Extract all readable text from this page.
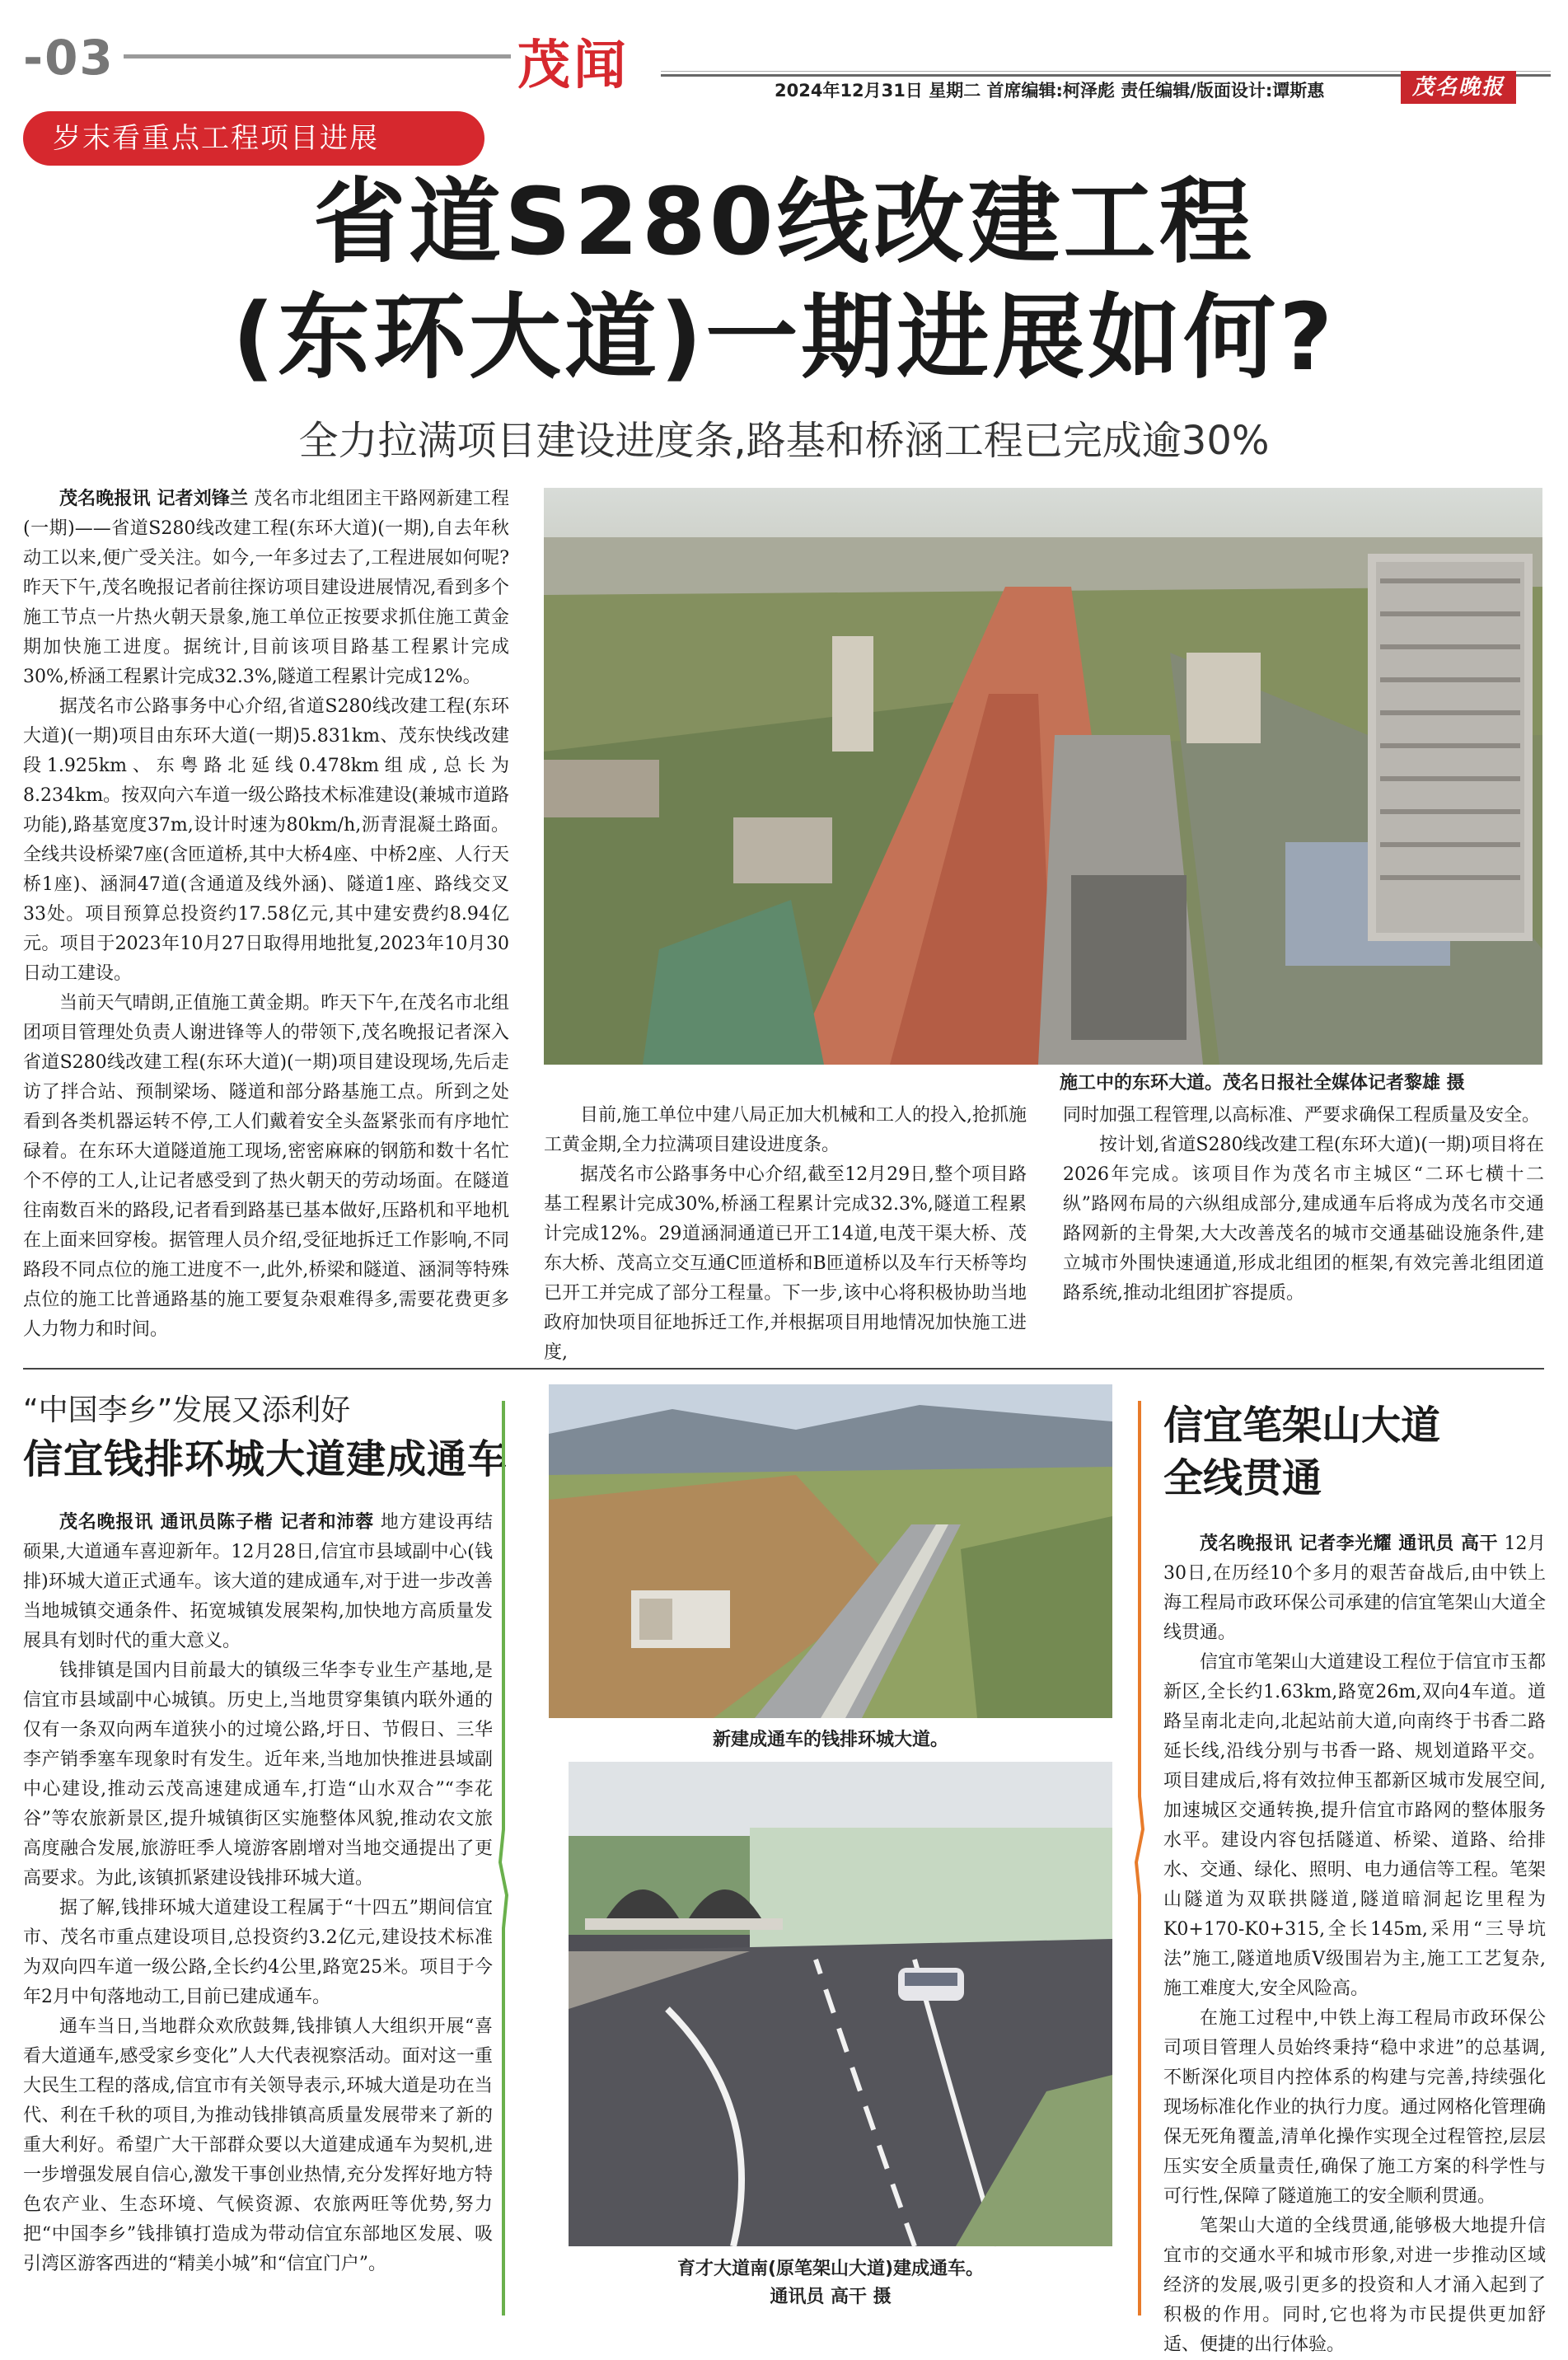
-03	茂闻	2024年12月31日 星期二 首席编辑:柯泽彪 责任编辑/版面设计:谭斯惠	茂名晚报
岁末看重点工程项目进展
省道S280线改建工程
(东环大道)一期进展如何?
全力拉满项目建设进度条,路基和桥涵工程已完成逾30%
茂名晚报讯 记者刘锋兰 茂名市北组团主干路网新建工程(一期)——省道S280线改建工程(东环大道)(一期),自去年秋动工以来,便广受关注。如今,一年多过去了,工程进展如何呢?昨天下午,茂名晚报记者前往探访项目建设进展情况,看到多个施工节点一片热火朝天景象,施工单位正按要求抓住施工黄金期加快施工进度。据统计,目前该项目路基工程累计完成30%,桥涵工程累计完成32.3%,隧道工程累计完成12%。
据茂名市公路事务中心介绍,省道S280线改建工程(东环大道)(一期)项目由东环大道(一期)5.831km、茂东快线改建段1.925km、东粤路北延线0.478km组成,总长为8.234km。按双向六车道一级公路技术标准建设(兼城市道路功能),路基宽度37m,设计时速为80km/h,沥青混凝土路面。全线共设桥梁7座(含匝道桥,其中大桥4座、中桥2座、人行天桥1座)、涵洞47道(含通道及线外涵)、隧道1座、路线交叉33处。项目预算总投资约17.58亿元,其中建安费约8.94亿元。项目于2023年10月27日取得用地批复,2023年10月30日动工建设。
当前天气晴朗,正值施工黄金期。昨天下午,在茂名市北组团项目管理处负责人谢进锋等人的带领下,茂名晚报记者深入省道S280线改建工程(东环大道)(一期)项目建设现场,先后走访了拌合站、预制梁场、隧道和部分路基施工点。所到之处看到各类机器运转不停,工人们戴着安全头盔紧张而有序地忙碌着。在东环大道隧道施工现场,密密麻麻的钢筋和数十名忙个不停的工人,让记者感受到了热火朝天的劳动场面。在隧道往南数百米的路段,记者看到路基已基本做好,压路机和平地机在上面来回穿梭。据管理人员介绍,受征地拆迁工作影响,不同路段不同点位的施工进度不一,此外,桥梁和隧道、涵洞等特殊点位的施工比普通路基的施工要复杂艰难得多,需要花费更多人力物力和时间。
施工中的东环大道。茂名日报社全媒体记者黎雄 摄
目前,施工单位中建八局正加大机械和工人的投入,抢抓施工黄金期,全力拉满项目建设进度条。
据茂名市公路事务中心介绍,截至12月29日,整个项目路基工程累计完成30%,桥涵工程累计完成32.3%,隧道工程累计完成12%。29道涵洞通道已开工14道,电茂干渠大桥、茂东大桥、茂高立交互通C匝道桥和B匝道桥以及车行天桥等均已开工并完成了部分工程量。下一步,该中心将积极协助当地政府加快项目征地拆迁工作,并根据项目用地情况加快施工进度,
同时加强工程管理,以高标准、严要求确保工程质量及安全。
按计划,省道S280线改建工程(东环大道)(一期)项目将在2026年完成。该项目作为茂名市主城区“二环七横十二纵”路网布局的六纵组成部分,建成通车后将成为茂名市交通路网新的主骨架,大大改善茂名的城市交通基础设施条件,建立城市外围快速通道,形成北组团的框架,有效完善北组团道路系统,推动北组团扩容提质。
“中国李乡”发展又添利好
信宜钱排环城大道建成通车
茂名晚报讯 通讯员陈子楷 记者和沛蓉 地方建设再结硕果,大道通车喜迎新年。12月28日,信宜市县域副中心(钱排)环城大道正式通车。该大道的建成通车,对于进一步改善当地城镇交通条件、拓宽城镇发展架构,加快地方高质量发展具有划时代的重大意义。
钱排镇是国内目前最大的镇级三华李专业生产基地,是信宜市县域副中心城镇。历史上,当地贯穿集镇内联外通的仅有一条双向两车道狭小的过境公路,圩日、节假日、三华李产销季塞车现象时有发生。近年来,当地加快推进县域副中心建设,推动云茂高速建成通车,打造“山水双合”“李花谷”等农旅新景区,提升城镇街区实施整体风貌,推动农文旅高度融合发展,旅游旺季人境游客剧增对当地交通提出了更高要求。为此,该镇抓紧建设钱排环城大道。
据了解,钱排环城大道建设工程属于“十四五”期间信宜市、茂名市重点建设项目,总投资约3.2亿元,建设技术标准为双向四车道一级公路,全长约4公里,路宽25米。项目于今年2月中旬落地动工,目前已建成通车。
通车当日,当地群众欢欣鼓舞,钱排镇人大组织开展“喜看大道通车,感受家乡变化”人大代表视察活动。面对这一重大民生工程的落成,信宜市有关领导表示,环城大道是功在当代、利在千秋的项目,为推动钱排镇高质量发展带来了新的重大利好。希望广大干部群众要以大道建成通车为契机,进一步增强发展自信心,激发干事创业热情,充分发挥好地方特色农产业、生态环境、气候资源、农旅两旺等优势,努力把“中国李乡”钱排镇打造成为带动信宜东部地区发展、吸引湾区游客西进的“精美小城”和“信宜门户”。
新建成通车的钱排环城大道。
育才大道南(原笔架山大道)建成通车。
通讯员 高干 摄
信宜笔架山大道
全线贯通
茂名晚报讯 记者李光耀 通讯员 高干 12月30日,在历经10个多月的艰苦奋战后,由中铁上海工程局市政环保公司承建的信宜笔架山大道全线贯通。
信宜市笔架山大道建设工程位于信宜市玉都新区,全长约1.63km,路宽26m,双向4车道。道路呈南北走向,北起站前大道,向南终于书香二路延长线,沿线分别与书香一路、规划道路平交。项目建成后,将有效拉伸玉都新区城市发展空间,加速城区交通转换,提升信宜市路网的整体服务水平。建设内容包括隧道、桥梁、道路、给排水、交通、绿化、照明、电力通信等工程。笔架山隧道为双联拱隧道,隧道暗洞起讫里程为K0+170-K0+315,全长145m,采用“三导坑法”施工,隧道地质V级围岩为主,施工工艺复杂,施工难度大,安全风险高。
在施工过程中,中铁上海工程局市政环保公司项目管理人员始终秉持“稳中求进”的总基调,不断深化项目内控体系的构建与完善,持续强化现场标准化作业的执行力度。通过网格化管理确保无死角覆盖,清单化操作实现全过程管控,层层压实安全质量责任,确保了施工方案的科学性与可行性,保障了隧道施工的安全顺利贯通。
笔架山大道的全线贯通,能够极大地提升信宜市的交通水平和城市形象,对进一步推动区域经济的发展,吸引更多的投资和人才涌入起到了积极的作用。同时,它也将为市民提供更加舒适、便捷的出行体验。
